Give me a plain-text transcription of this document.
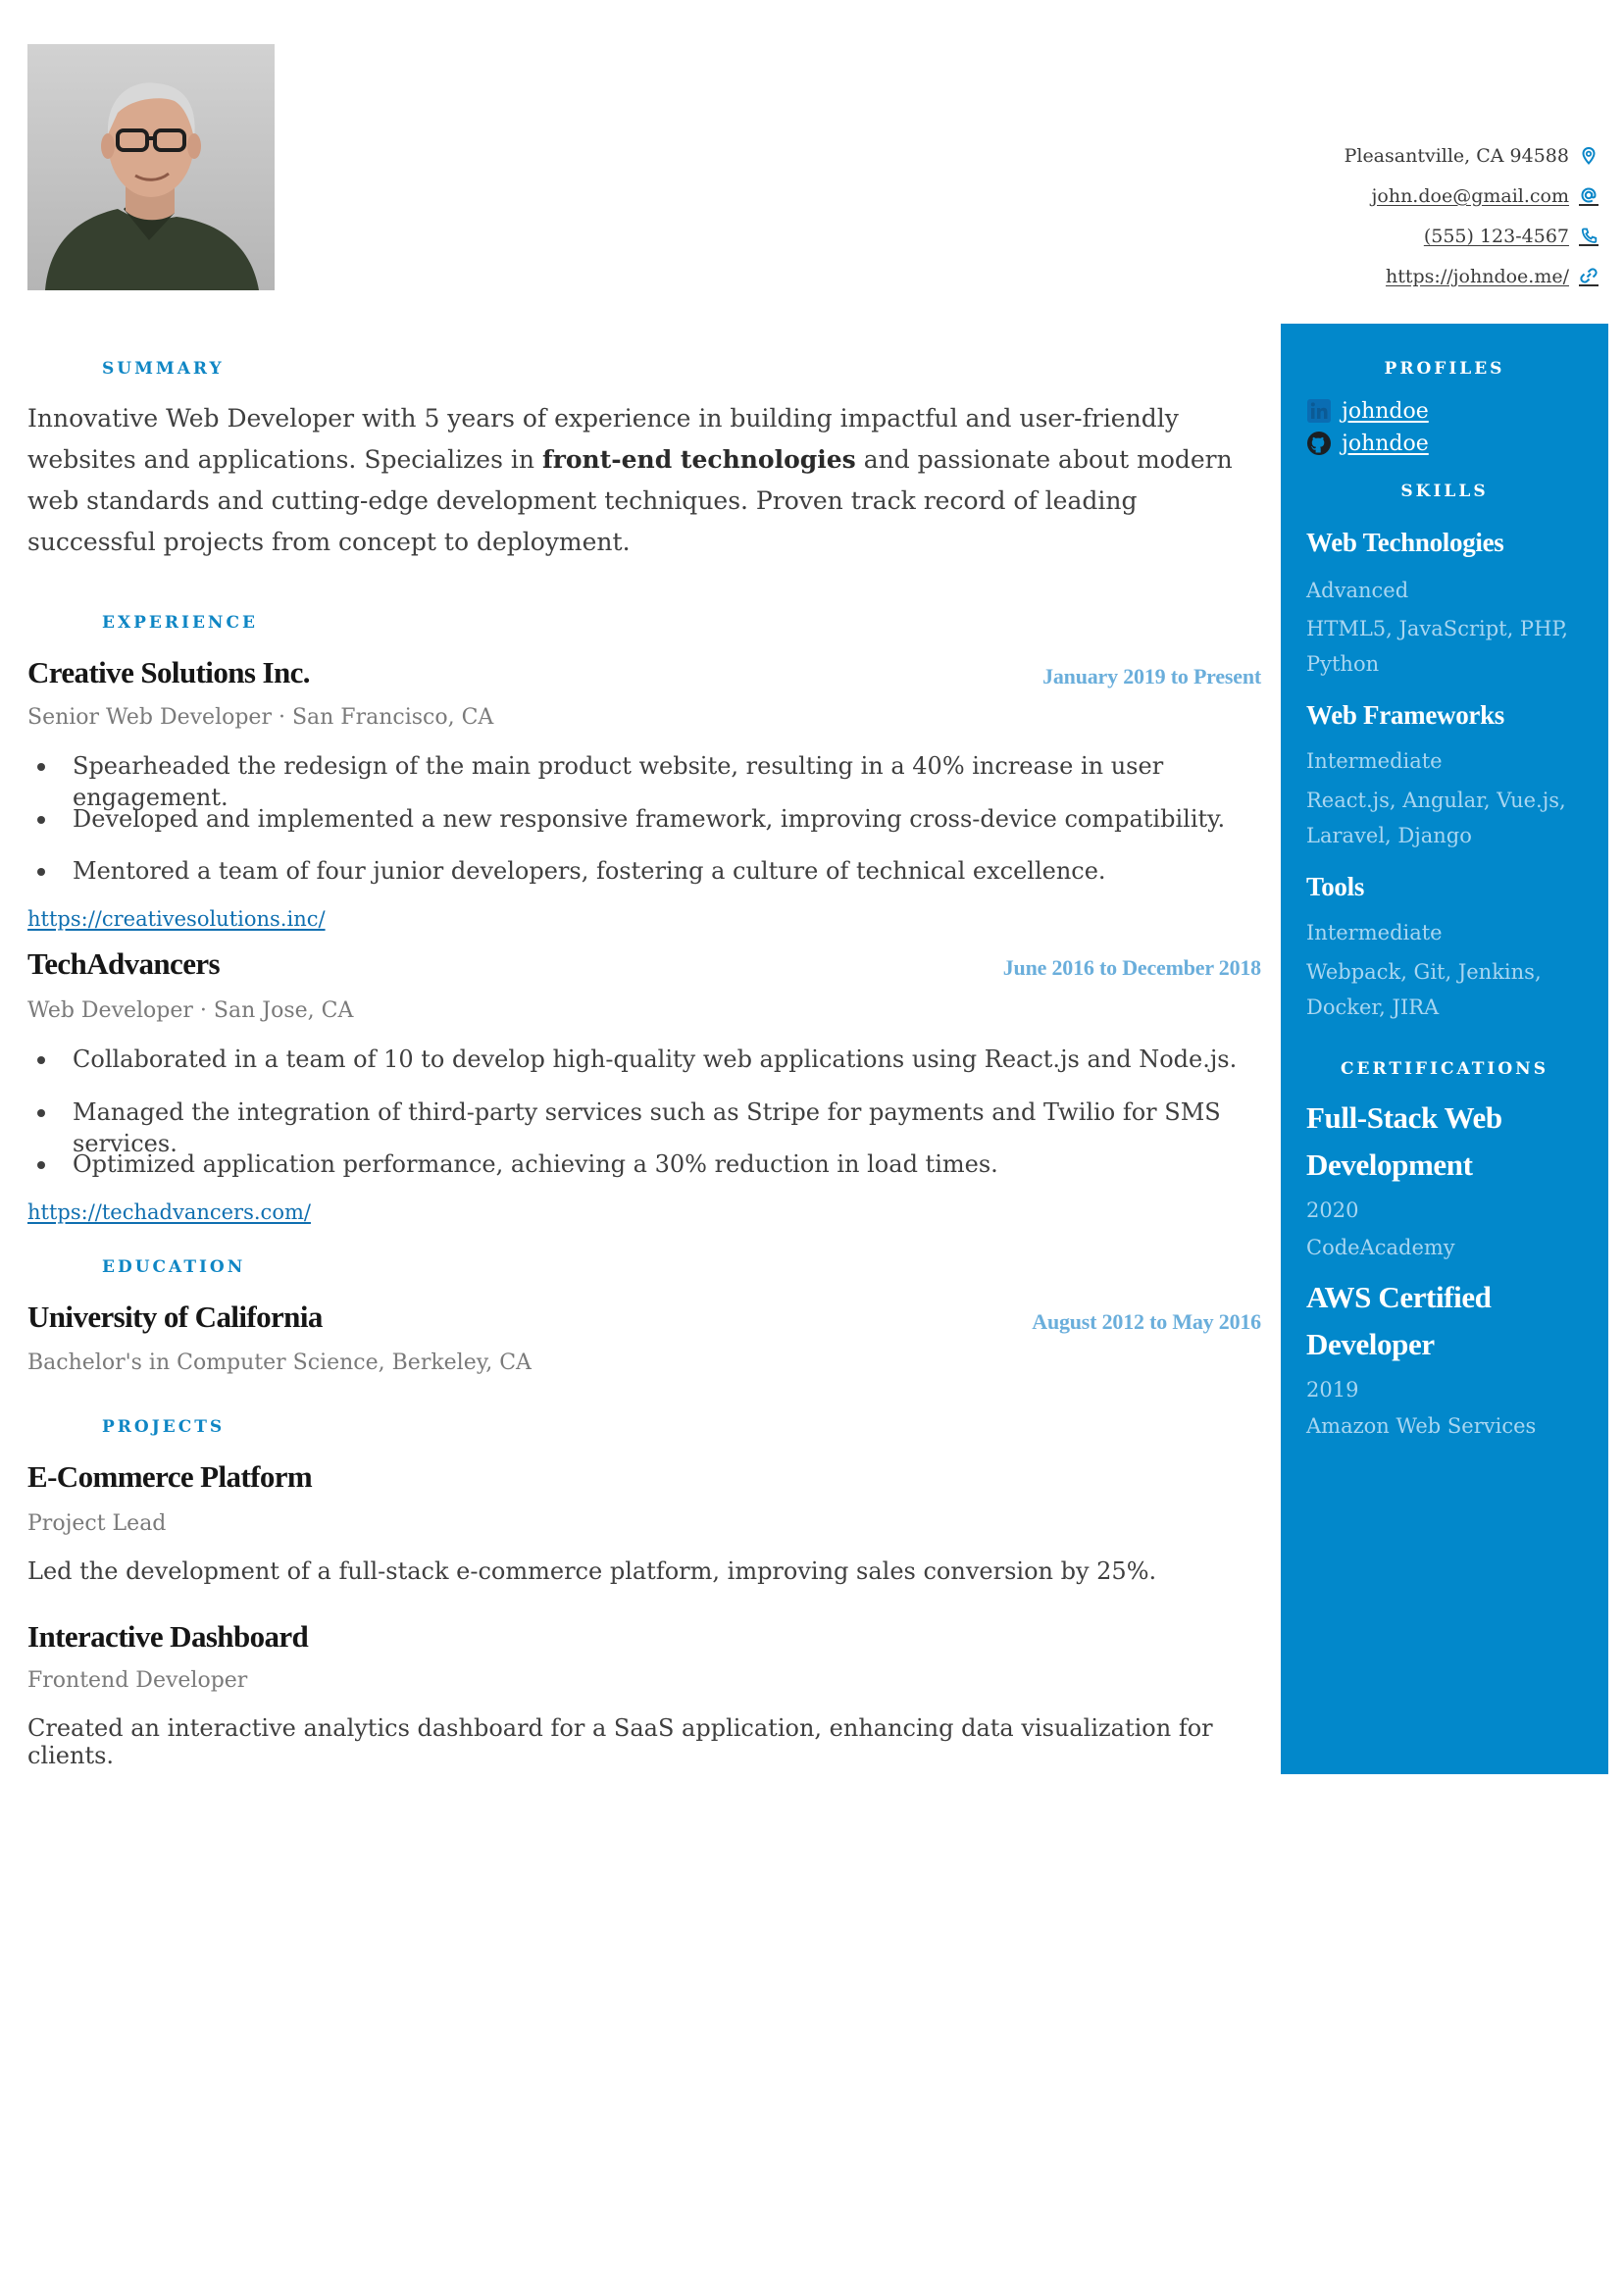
Pleasantville, CA 94588
john.doe@gmail.com
(555) 123-4567
https://johndoe.me/
SUMMARY
Innovative Web Developer with 5 years of experience in building impactful and user-friendly websites and applications. Specializes in front-end technologies and passionate about modern web standards and cutting-edge development techniques. Proven track record of leading successful projects from concept to deployment.
EXPERIENCE
Creative Solutions Inc.	January 2019 to Present
Senior Web Developer · San Francisco, CA
Spearheaded the redesign of the main product website, resulting in a 40% increase in user engagement.
Developed and implemented a new responsive framework, improving cross-device compatibility.
Mentored a team of four junior developers, fostering a culture of technical excellence.
https://creativesolutions.inc/
TechAdvancers	June 2016 to December 2018
Web Developer · San Jose, CA
Collaborated in a team of 10 to develop high-quality web applications using React.js and Node.js.
Managed the integration of third-party services such as Stripe for payments and Twilio for SMS services.
Optimized application performance, achieving a 30% reduction in load times.
https://techadvancers.com/
EDUCATION
University of California	August 2012 to May 2016
Bachelor's in Computer Science, Berkeley, CA
PROJECTS
E-Commerce Platform
Project Lead
Led the development of a full-stack e-commerce platform, improving sales conversion by 25%.
Interactive Dashboard
Frontend Developer
Created an interactive analytics dashboard for a SaaS application, enhancing data visualization for clients.
PROFILES
johndoe
johndoe
SKILLS
Web Technologies
Advanced
HTML5, JavaScript, PHP, Python
Web Frameworks
Intermediate
React.js, Angular, Vue.js, Laravel, Django
Tools
Intermediate
Webpack, Git, Jenkins, Docker, JIRA
CERTIFICATIONS
Full-Stack Web Development
2020
CodeAcademy
AWS Certified Developer
2019
Amazon Web Services
